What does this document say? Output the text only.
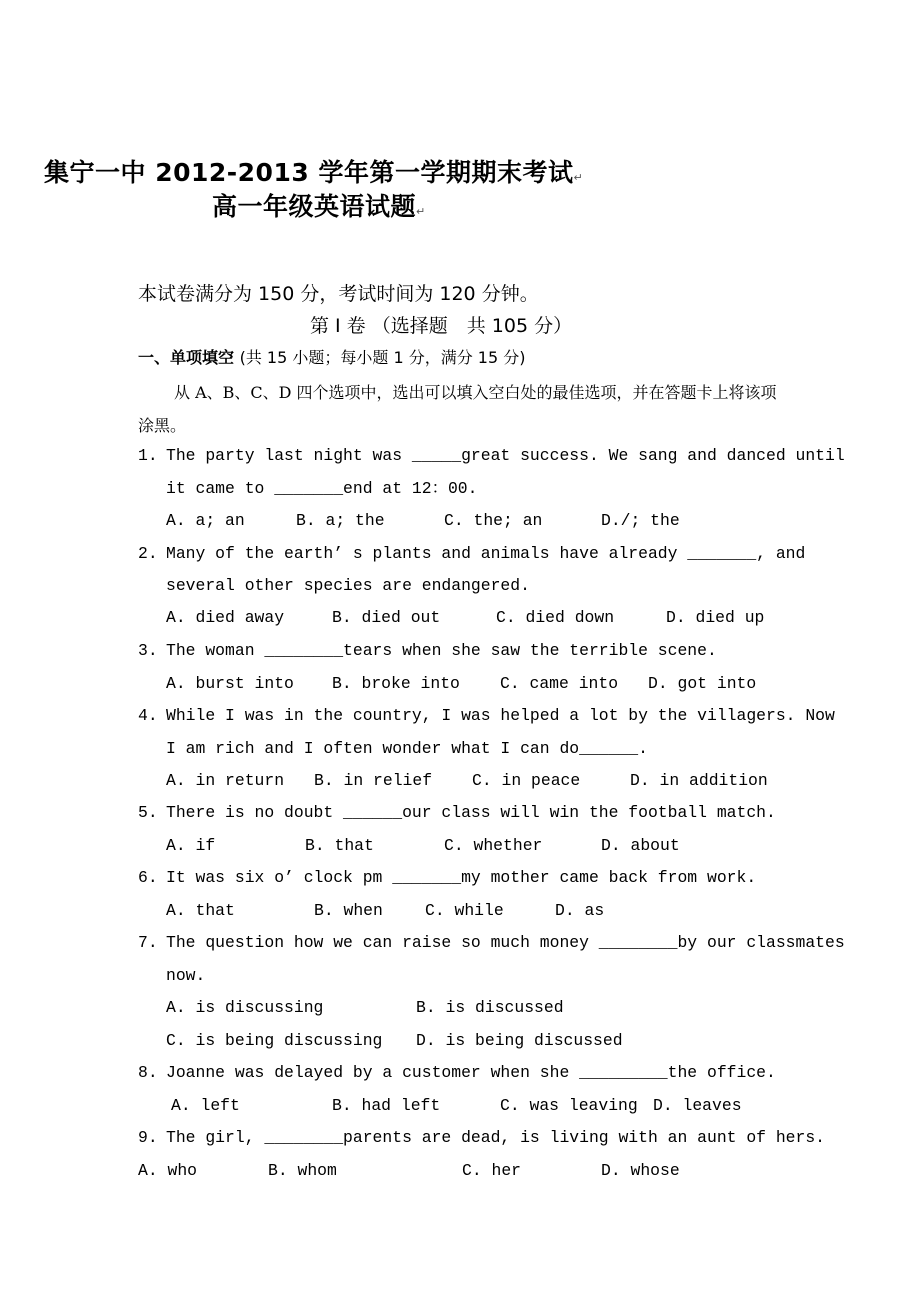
集宁一中 2012-2013 学年第一学期期末考试↵
高一年级英语试题↵
本试卷满分为 150 分，考试时间为 120 分钟。
第 I 卷 （选择题　共 105 分）
一、单项填空 (共 15 小题；每小题 1 分，满分 15 分)
从 A、B、C、D 四个选项中，选出可以填入空白处的最佳选项，并在答题卡上将该项涂黑。
1. The party last night was _____great success. We sang and danced until
it came to _______end at 12：00.
A. a; an	B. a; the	C. the; an	D./; the
2. Many of the earth’ s plants and animals have already _______, and
several other species are endangered.
A. died away	B. died out	C. died down	D. died up
3. The woman ________tears when she saw the terrible scene.
A. burst into B. broke into C. came into D. got into
4. While I was in the country, I was helped a lot by the villagers. Now
I am rich and I often wonder what I can do______.
A. in return B. in relief C. in peace	D. in addition
5. There is no doubt ______our class will win the football match.
A. if	B. that	C. whether	D. about
6. It was six o’ clock pm _______my mother came back from work.
A. that	B. when	C. while	D. as
7. The question how we can raise so much money ________by our classmates
now.
A. is discussing	B. is discussed
C. is being discussing D. is being discussed
8. Joanne was delayed by a customer when she _________the office.
A. left	B. had left	C. was leaving D. leaves
9. The girl, ________parents are dead, is living with an aunt of hers.
A. who	B. whom	C. her	D. whose
